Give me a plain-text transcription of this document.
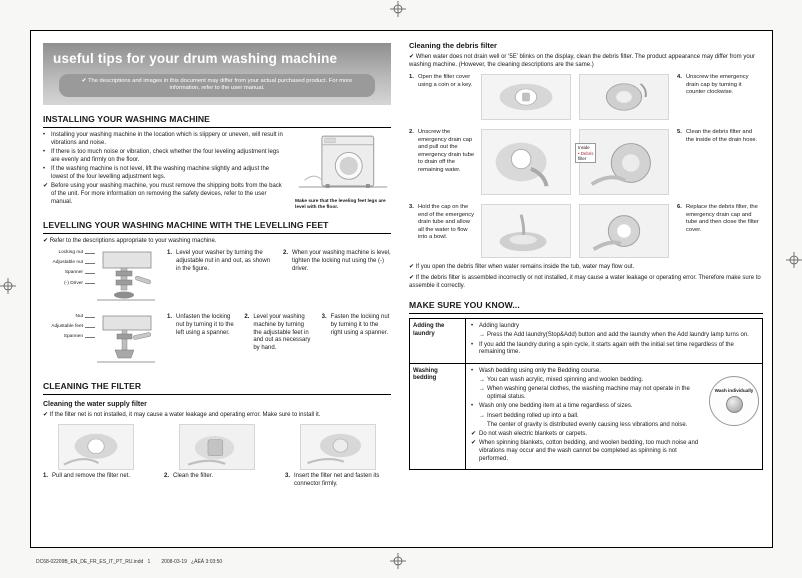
useful tips for your drum washing machine
✔ The descriptions and images in this document may differ from your actual purchased product. For more information, refer to the user manual.
INSTALLING YOUR WASHING MACHINE
• Installing your washing machine in the location which is slippery or uneven, will result in vibrations and noise.
• If there is too much noise or vibration, check whether the four leveling adjustment legs are evenly and firmly on the floor.
• If the washing machine is not level, lift the washing machine slightly and adjust the lowest of the four levelling adjustment legs.
✔ Before using your washing machine, you must remove the shipping bolts from the back of the unit. For more information on removing the safety devices, refer to the user manual.	Make sure that the leveling feet legs are level with the floor.
LEVELLING YOUR WASHING MACHINE WITH THE LEVELLING FEET
✔ Refer to the descriptions appropriate to your washing machine.
Locking nut
Adjustable nut
Spanner
(-) Driver
1. Level your washer by turning the adjustable nut in and out, as shown in the figure.
2. When your washing machine is level, tighten the locking nut using the (-) driver.
Nut
Adjustable feet
Spannen
1. Unfasten the locking nut by turning it to the left using a spanner.
2. Level your washing machine by turning the adjustable feet in and out as necessary by hand.
3. Fasten the locking nut by turning it to the right using a spanner.
CLEANING THE FILTER
Cleaning the water supply filter
✔ If the filter net is not installed, it may cause a water leakage and operating error. Make sure to install it.
1. Pull and remove the filter net.	2. Clean the filter.	3. Insert the filter net and fasten its connector firmly.
Cleaning the debris filter
✔ When water does not drain well or ‘5E’ blinks on the display, clean the debris filter. The product appearance may differ from your washing machine. (However, the cleaning descriptions are the same.)
1. Open the filter cover using a coin or a key.
4. Unscrew the emergency drain cap by turning it counter clockwise.
2. Unscrew the emergency drain cap and pull out the emergency drain tube to drain off the remaining water.
Inside
• Debris
filter
5. Clean the debris filter and the inside of the drain hose.
3. Hold the cap on the end of the emergency drain tube and allow all the water to flow into a bowl.
6. Replace the debris filter, the emergency drain cap and tube and then close the filter cover.
✔ If you open the debris filter when water remains inside the tub, water may flow out.
✔ If the debris filter is assembled incorrectly or not installed, it may cause a water leakage or operating error. Therefore make sure to assemble it correctly.
MAKE SURE YOU KNOW...
Adding the laundry
• Adding laundry
→ Press the Add laundry(Stop&Add) button and add the laundry when the Add laundry lamp turns on.
• If you add the laundry during a spin cycle, it starts again with the initial set time regardless of the remaining time.
Washing bedding
• Wash bedding using only the Bedding course.
→ You can wash acrylic, mixed spinning and woolen bedding.
→ When washing general clothes, the washing machine may not operate in the optimal status.
• Wash only one bedding item at a time regardless of sizes.
→ Insert bedding rolled up into a ball.
The center of gravity is distributed evenly causing less vibrations and noise.
✔ Do not wash electric blankets or carpets.
✔ When spinning blankets, cotton bedding, and woolen bedding, too much noise and vibrations may occur and the wash cannot be completed as spinning is not performed.
Wash individually
DC68-02209B_EN_DE_FR_ES_IT_PT_RU.indd   1        2008-03-19   ¿ÀÈÄ 3:03:50
